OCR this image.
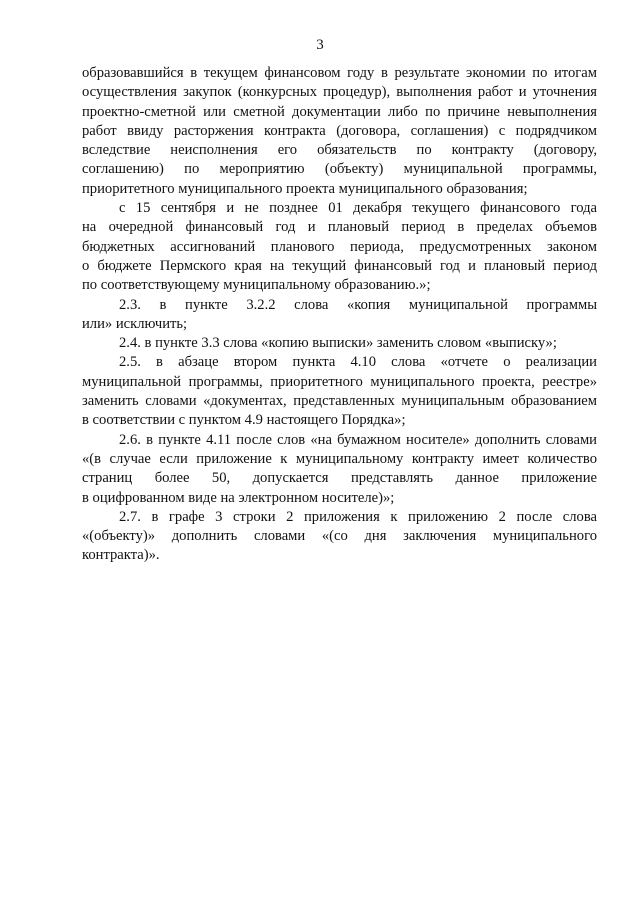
3
образовавшийся в текущем финансовом году в результате экономии по итогам
осуществления закупок (конкурсных процедур), выполнения работ и уточнения
проектно-сметной или сметной документации либо по причине невыполнения
работ ввиду расторжения контракта (договора, соглашения) с подрядчиком
вследствие неисполнения его обязательств по контракту (договору,
соглашению) по мероприятию (объекту) муниципальной программы,
приоритетного муниципального проекта муниципального образования;
с 15 сентября и не позднее 01 декабря текущего финансового года
на очередной финансовый год и плановый период в пределах объемов
бюджетных ассигнований планового периода, предусмотренных законом
о бюджете Пермского края на текущий финансовый год и плановый период
по соответствующему муниципальному образованию.»;
2.3. в пункте 3.2.2 слова «копия муниципальной программы
или» исключить;
2.4. в пункте 3.3 слова «копию выписки» заменить словом «выписку»;
2.5. в абзаце втором пункта 4.10 слова «отчете о реализации
муниципальной программы, приоритетного муниципального проекта, реестре»
заменить словами «документах, представленных муниципальным образованием
в соответствии с пунктом 4.9 настоящего Порядка»;
2.6. в пункте 4.11 после слов «на бумажном носителе» дополнить словами
«(в случае если приложение к муниципальному контракту имеет количество
страниц более 50, допускается представлять данное приложение
в оцифрованном виде на электронном носителе)»;
2.7. в графе 3 строки 2 приложения к приложению 2 после слова
«(объекту)» дополнить словами «(со дня заключения муниципального
контракта)».
